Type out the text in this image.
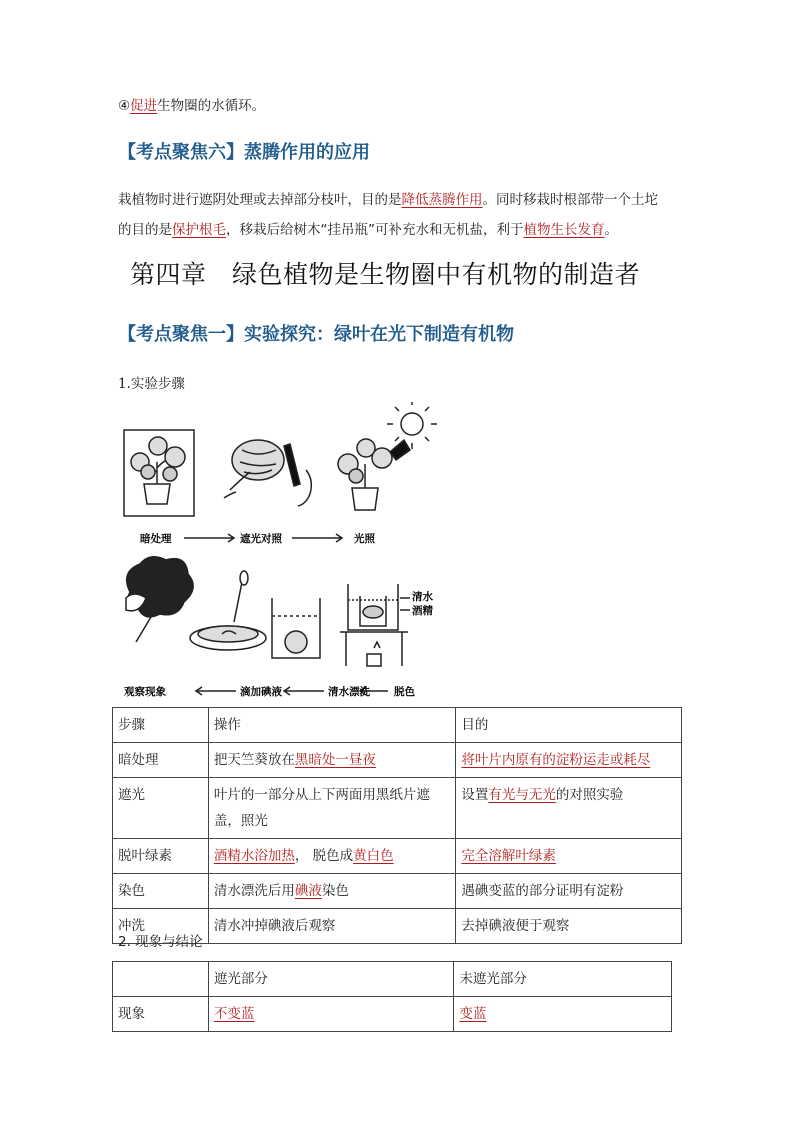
④促进生物圈的水循环。
【考点聚焦六】蒸腾作用的应用
栽植物时进行遮阴处理或去掉部分枝叶，目的是降低蒸腾作用。同时移栽时根部带一个土坨
的目的是保护根毛，移栽后给树木“挂吊瓶”可补充水和无机盐，利于植物生长发育。
第四章　绿色植物是生物圈中有机物的制造者
【考点聚焦一】实验探究：绿叶在光下制造有机物
1.实验步骤
暗处理	遮光对照	光照
清水
酒精
观察现象	滴加碘液	清水漂洗 脱色
步骤	操作	目的
暗处理	把天竺葵放在黑暗处一昼夜	将叶片内原有的淀粉运走或耗尽
遮光	叶片的一部分从上下两面用黑纸片遮盖，照光	设置有光与无光的对照实验
脱叶绿素	酒精水浴加热， 脱色成黄白色	完全溶解叶绿素
染色	清水漂洗后用碘液染色	遇碘变蓝的部分证明有淀粉
冲洗	清水冲掉碘液后观察	去掉碘液便于观察
2. 现象与结论
	遮光部分	未遮光部分
现象	不变蓝	变蓝
